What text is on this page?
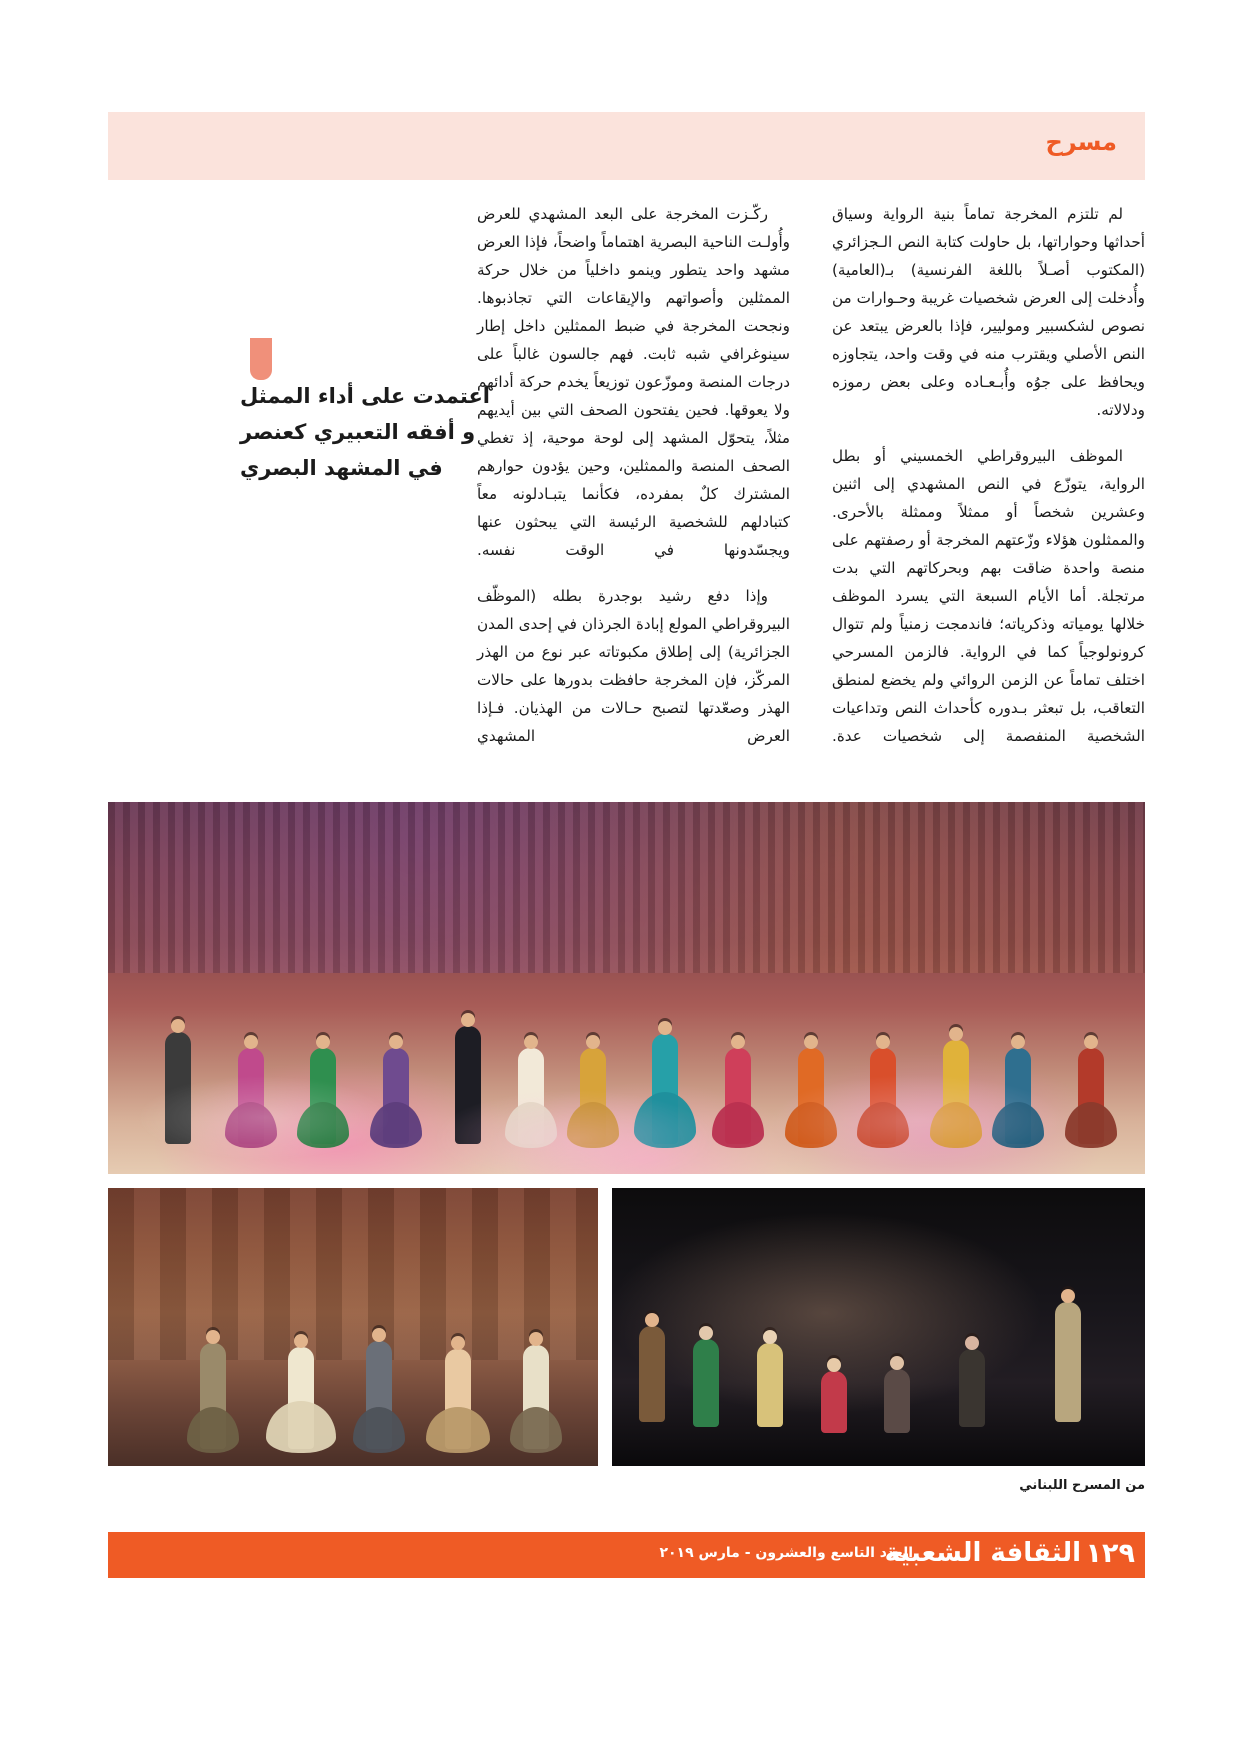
مسرح

لم تلتزم المخرجة تماماً بنية الرواية وسياق أحداثها وحواراتها، بل حاولت كتابة النص الـجزائري (المكتوب أصـلاً باللغة الفرنسية) بـ(العامية) وأُدخلت إلى العرض شخصيات غريبة وحـوارات من نصوص لشكسبير وموليير، فإذا بالعرض يبتعد عن النص الأصلي ويقترب منه في وقت واحد، يتجاوزه ويحافظ على جوُه وأُبـعـاده وعلى بعض رموزه ودلالاته.

الموظف البيروقراطي الخمسيني أو بطل الرواية، يتوزّع في النص المشهدي إلى اثنين وعشرين شخصاً أو ممثلاً وممثلة بالأحرى. والممثلون هؤلاء وزّعتهم المخرجة أو رصفتهم على منصة واحدة ضاقت بهم وبحركاتهم التي بدت مرتجلة. أما الأيام السبعة التي يسرد الموظف خلالها يومياته وذكرياته؛ فاندمجت زمنياً ولم تتوال كرونولوجياً كما في الرواية. فالزمن المسرحي اختلف تماماً عن الزمن الروائي ولم يخضع لمنطق التعاقب، بل تبعثر بـدوره كأحداث النص وتداعيات الشخصية المنفصمة إلى شخصيات عدة.

ركّـزت المخرجة على البعد المشهدي للعرض وأُولـت الناحية البصرية اهتماماً واضحاً، فإذا العرض مشهد واحد يتطور وينمو داخلياً من خلال حركة الممثلين وأصواتهم والإيقاعات التي تجاذبوها. ونجحت المخرجة في ضبط الممثلين داخل إطار سينوغرافي شبه ثابت. فهم جالسون غالباً على درجات المنصة وموزّعون توزيعاً يخدم حركة أدائهم ولا يعوقها. فحين يفتحون الصحف التي بين أيديهم مثلاً، يتحوّل المشهد إلى لوحة موحية، إذ تغطي الصحف المنصة والممثلين، وحين يؤدون حوارهم المشترك كلٌ بمفرده، فكأنما يتبـادلونه معاً كتبادلهم للشخصية الرئيسة التي يبحثون عنها ويجسّدونها في الوقت نفسه.

وإذا دفع رشيد بوجدرة بطله (الموظّف البيروقراطي المولع إبادة الجرذان في إحدى المدن الجزائرية) إلى إطلاق مكبوتاته عبر نوع من الهذر المركّز، فإن المخرجة حافظت بدورها على حالات الهذر وصعّدتها لتصبح حـالات من الهذيان. فـإذا العرض المشهدي

اعتمدت على أداء الممثل و أفقه التعبيري كعنصر في المشهد البصري
من المسرح اللبناني
١٢٩
الثقافة الشعبية
العدد التاسع والعشرون - مارس ٢٠١٩
